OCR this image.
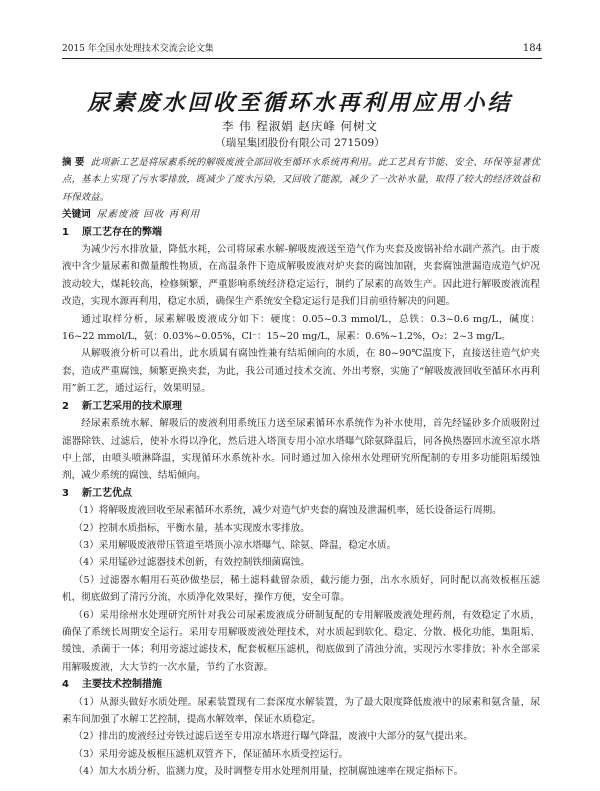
2015 年全国水处理技术交流会论文集	184
尿素废水回收至循环水再利用应用小结
李 伟 程淑娟 赵庆峰 何树文
（瑞星集团股份有限公司 271509）

摘 要 此项新工艺是将尿素系统的解吸废液全部回收至循环水系统再利用。此工艺具有节能、安全、环保等显著优点，基本上实现了污水零排放，既减少了废水污染，又回收了能源，减少了一次补水量，取得了较大的经济效益和环保效益。

关键词 尿素废液 回收 再利用

1 原工艺存在的弊端

为减少污水排放量，降低水耗，公司将尿素水解-解吸废液送至造气作为夹套及废锅补给水副产蒸汽。由于废液中含少量尿素和微量酸性物质，在高温条件下造成解吸废液对炉夹套的腐蚀加剧，夹套腐蚀泄漏造成造气炉况波动较大，煤耗较高，检修频繁，严重影响系统经济稳定运行，制约了尿素的高效生产。因此进行解吸废液流程改造，实现水源再利用，稳定水质，确保生产系统安全稳定运行是我们目前亟待解决的问题。

通过取样分析，尿素解吸废液成分如下：硬度：0.05~0.3 mmol/L，总铁：0.3~0.6 mg/L，碱度：16~22 mmol/L，氨：0.03%~0.05%，Cl⁻：15~20 mg/L，尿素：0.6%~1.2%，O₂：2~3 mg/L。

从解吸液分析可以看出，此水质属有腐蚀性兼有结垢倾向的水质，在 80~90℃温度下，直接送往造气炉夹套，造成严重腐蚀，频繁更换夹套，为此，我公司通过技术交流、外出考察，实施了“解吸废液回收至循环水再利用”新工艺，通过运行，效果明显。

2 新工艺采用的技术原理

经尿素系统水解、解吸后的废液利用系统压力送至尿素循环水系统作为补水使用，首先经锰砂多介质吸附过滤器除铁、过滤后，使补水得以净化，然后进入塔顶专用小凉水塔曝气除氨降温后，同各换热器回水流至凉水塔中上部，由喷头喷淋降温，实现循环水系统补水。同时通过加入徐州水处理研究所配制的专用多功能阻垢缓蚀剂，减少系统的腐蚀、结垢倾向。

3 新工艺优点

（1）将解吸废液回收至尿素循环水系统，减少对造气炉夹套的腐蚀及泄漏机率，延长设备运行周期。

（2）控制水质指标，平衡水量，基本实现废水零排放。

（3）采用解吸废液带压管道至塔顶小凉水塔曝气、除氨、降温，稳定水质。

（4）采用锰砂过滤器技术创新，有效控制铁细菌腐蚀。

（5）过滤器水帽用石英砂做垫层，稀土滤料截留杂质，截污能力强，出水水质好，同时配以高效板框压滤机，彻底做到了清污分流，水质净化效果好，操作方便，安全可靠。

（6）采用徐州水处理研究所针对我公司尿素废液成分研制复配的专用解吸废液处理药剂，有效稳定了水质，确保了系统长周期安全运行。采用专用解吸废液处理技术，对水质起到软化、稳定、分散、极化功能，集阻垢、缓蚀、杀菌于一体；利用旁滤过滤技术，配套板框压滤机，彻底做到了清浊分流，实现污水零排放；补水全部采用解吸废液，大大节约一次水量，节约了水资源。

4 主要技术控制措施

（1）从源头做好水质处理。尿素装置现有二套深度水解装置，为了最大限度降低废液中的尿素和氨含量，尿素车间加强了水解工艺控制，提高水解效率，保证水质稳定。

（2）排出的废液经过旁铁过滤后送至专用凉水塔进行曝气降温，废液中大部分的氨气提出来。

（3）采用旁滤及板框压滤机双管齐下，保证循环水质受控运行。

（4）加大水质分析、监测力度，及时调整专用水处理剂用量，控制腐蚀速率在规定指标下。
